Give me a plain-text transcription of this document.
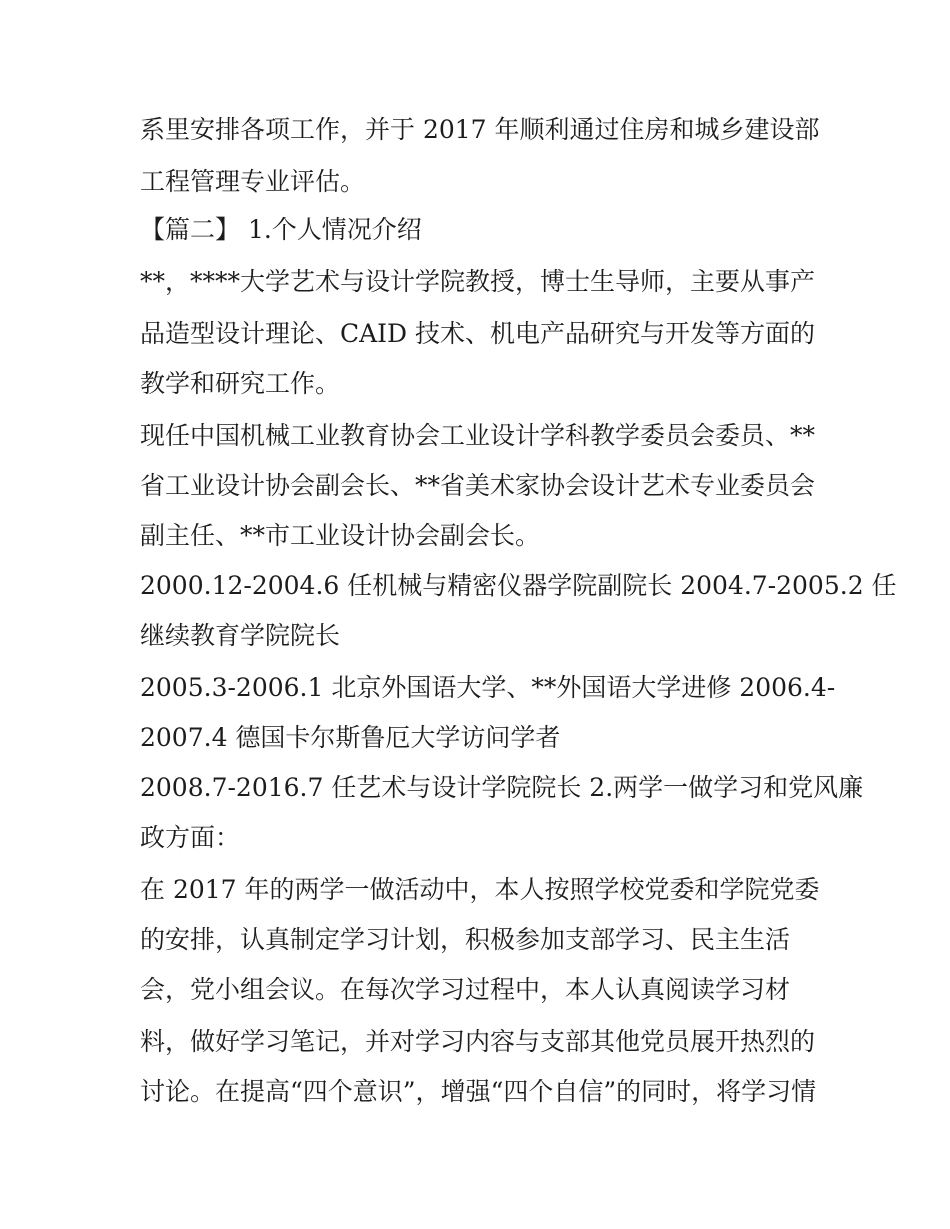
系里安排各项工作，并于 2017 年顺利通过住房和城乡建设部
工程管理专业评估。
【篇二】 1.个人情况介绍
**，****大学艺术与设计学院教授，博士生导师，主要从事产
品造型设计理论、CAID 技术、机电产品研究与开发等方面的
教学和研究工作。
现任中国机械工业教育协会工业设计学科教学委员会委员、**
省工业设计协会副会长、**省美术家协会设计艺术专业委员会
副主任、**市工业设计协会副会长。
2000.12-2004.6 任机械与精密仪器学院副院长 2004.7-2005.2 任
继续教育学院院长
2005.3-2006.1 北京外国语大学、**外国语大学进修 2006.4-
2007.4 德国卡尔斯鲁厄大学访问学者
2008.7-2016.7 任艺术与设计学院院长 2.两学一做学习和党风廉
政方面：
在 2017 年的两学一做活动中，本人按照学校党委和学院党委
的安排，认真制定学习计划，积极参加支部学习、民主生活
会，党小组会议。在每次学习过程中，本人认真阅读学习材
料，做好学习笔记，并对学习内容与支部其他党员展开热烈的
讨论。在提高“四个意识”，增强“四个自信”的同时，将学习情
